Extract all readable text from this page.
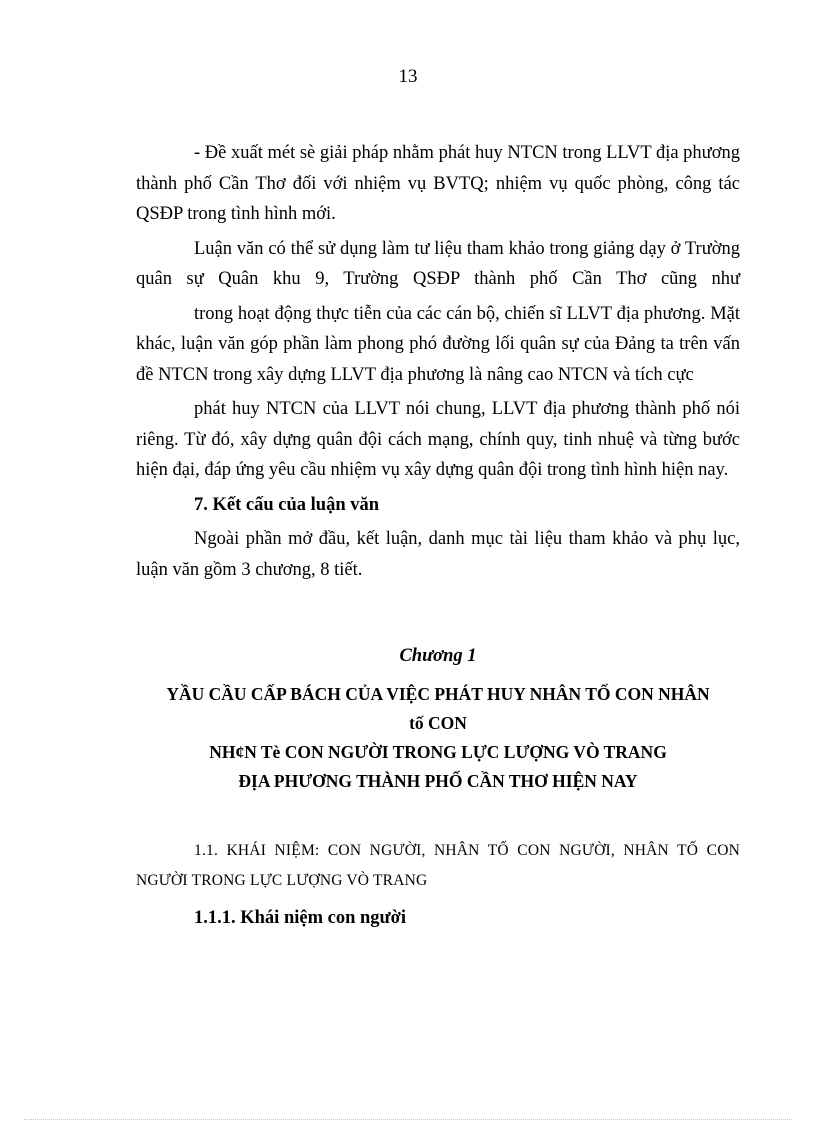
13

- Đề xuất mét sè giải pháp nhằm phát huy NTCN trong LLVT địa phương thành phố Cần Thơ đối với nhiệm vụ BVTQ; nhiệm vụ quốc phòng, công tác QSĐP trong tình hình mới.

Luận văn có thể sử dụng làm tư liệu tham khảo trong giảng dạy ở Trường quân sự Quân khu 9, Trường QSĐP thành phố Cần Thơ cũng như

trong hoạt động thực tiễn của các cán bộ, chiến sĩ LLVT địa phương. Mặt khác, luận văn góp phần làm phong phó đường lối quân sự của Đảng ta trên vấn đề NTCN trong xây dựng LLVT địa phương là nâng cao NTCN và tích cực

phát huy NTCN của LLVT nói chung, LLVT địa phương thành phố nói riêng. Từ đó, xây dựng quân đội cách mạng, chính quy, tinh nhuệ và từng bước hiện đại, đáp ứng yêu cầu nhiệm vụ xây dựng quân đội trong tình hình hiện nay.

7. Kết cấu của luận văn

Ngoài phần mở đầu, kết luận, danh mục tài liệu tham khảo và phụ lục, luận văn gồm 3 chương, 8 tiết.

Chương 1

YẦU CẦU CẤP BÁCH CỦA VIỆC PHÁT HUY NHÂN TỐ CON NHÂN
tố CON
NH¢N Tè CON NGƯỜI TRONG LỰC LƯỢNG VÒ TRANG
ĐỊA PHƯƠNG THÀNH PHỐ CẦN THƠ HIỆN NAY

1.1. KHÁI NIỆM: CON NGƯỜI, NHÂN TỐ CON NGƯỜI, NHÂN TỐ CON NGƯỜI TRONG LỰC LƯỢNG VÒ TRANG

1.1.1. Khái niệm con người
